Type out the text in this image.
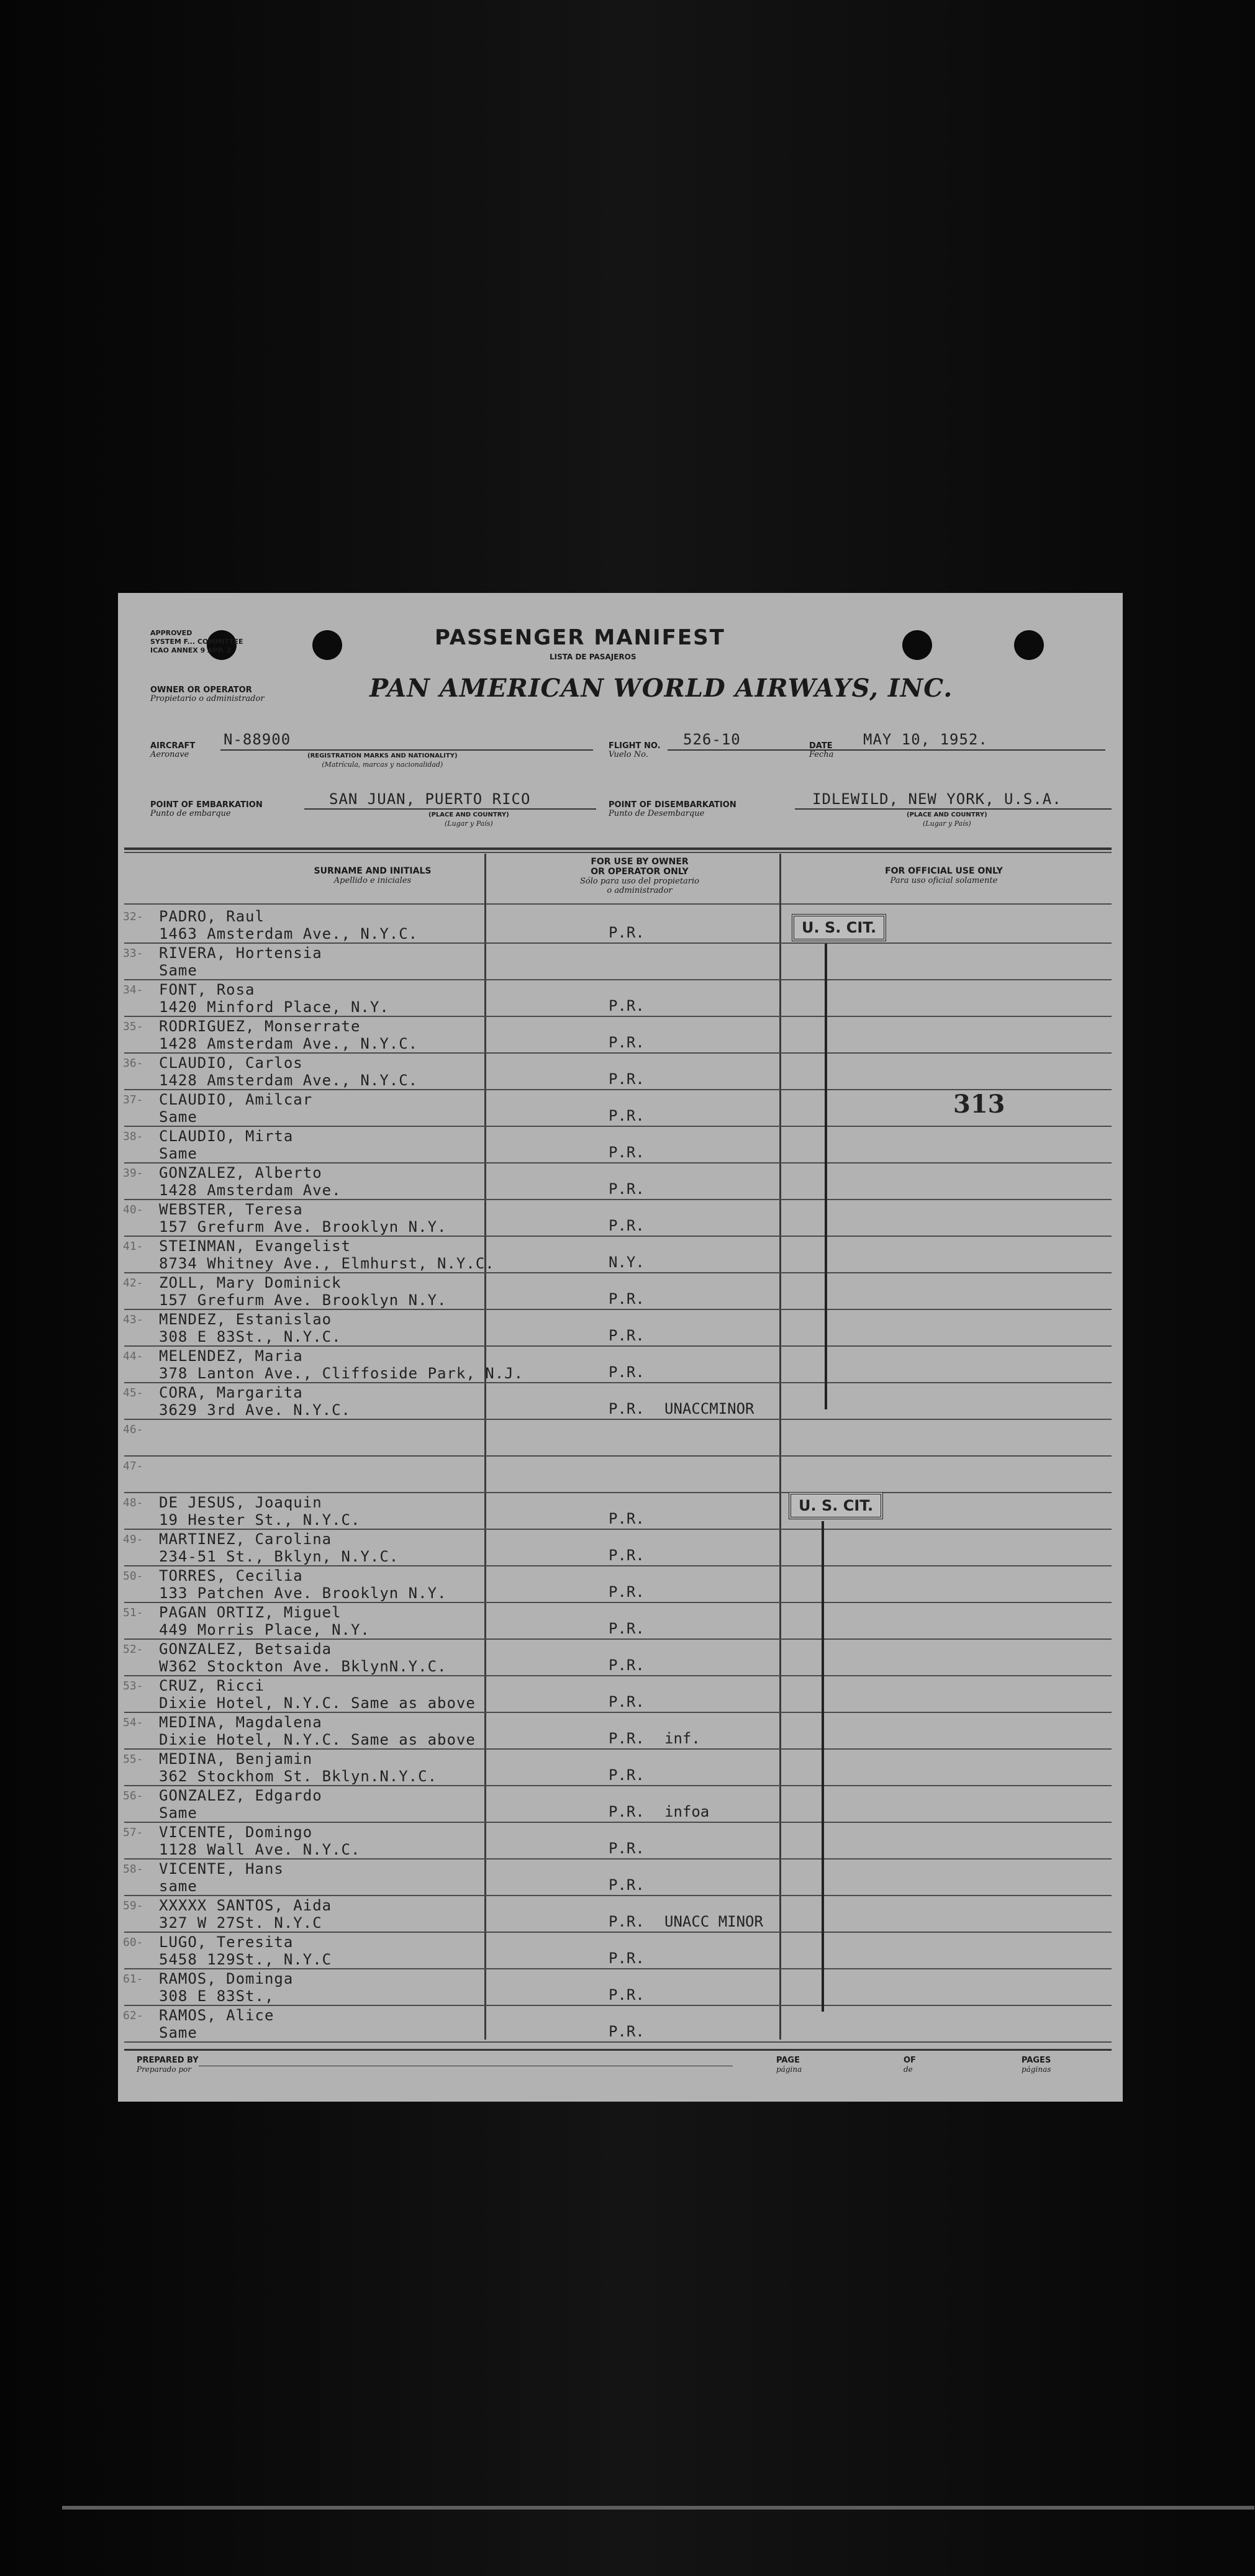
APPROVED
SYSTEM F... COMMITTEE
ICAO ANNEX 9 APP. 2
PASSENGER MANIFEST
LISTA DE PASAJEROS
OWNER OR OPERATOR
Propietario o administrador	PAN AMERICAN WORLD AIRWAYS, INC.
AIRCRAFT
Aeronave
N-88900
(REGISTRATION MARKS AND NATIONALITY)
(Matrícula, marcas y nacionalidad)
FLIGHT NO.
Vuelo No.
526-10	DATE
Fecha
MAY 10, 1952.
POINT OF EMBARKATION
Punto de embarque
SAN JUAN, PUERTO RICO
(PLACE AND COUNTRY)
(Lugar y País)
POINT OF DISEMBARKATION
Punto de Desembarque
IDLEWILD, NEW YORK, U.S.A.
(PLACE AND COUNTRY)
(Lugar y País)
SURNAME AND INITIALS
Apellido e iniciales
FOR USE BY OWNER
OR OPERATOR ONLY
Sólo para uso del propietario
o administrador
FOR OFFICIAL USE ONLY
Para uso oficial solamente
32- PADRO, Raul
1463 Amsterdam Ave., N.Y.C.	P.R.
33- RIVERA, Hortensia
Same
34- FONT, Rosa
1420 Minford Place, N.Y.	P.R.
35- RODRIGUEZ, Monserrate
1428 Amsterdam Ave., N.Y.C.	P.R.
36- CLAUDIO, Carlos
1428 Amsterdam Ave., N.Y.C.	P.R.
37- CLAUDIO, Amilcar
Same	P.R.
38- CLAUDIO, Mirta
Same	P.R.
39- GONZALEZ, Alberto
1428 Amsterdam Ave.	P.R.
40- WEBSTER, Teresa
157 Grefurm Ave. Brooklyn N.Y.	P.R.
41- STEINMAN, Evangelist
8734 Whitney Ave., Elmhurst, N.Y.C.	N.Y.
42- ZOLL, Mary Dominick
157 Grefurm Ave. Brooklyn N.Y.	P.R.
43- MENDEZ, Estanislao
308 E 83St., N.Y.C.	P.R.
44- MELENDEZ, Maria
378 Lanton Ave., Cliffoside Park, N.J.	P.R.
45- CORA, Margarita
3629 3rd Ave. N.Y.C.	P.R. UNACCMINOR
46-
47-
48- DE JESUS, Joaquin
19 Hester St., N.Y.C.	P.R.
49- MARTINEZ, Carolina
234-51 St., Bklyn, N.Y.C.	P.R.
50- TORRES, Cecilia
133 Patchen Ave. Brooklyn N.Y.	P.R.
51- PAGAN ORTIZ, Miguel
449 Morris Place, N.Y.	P.R.
52- GONZALEZ, Betsaida
W362 Stockton Ave. BklynN.Y.C.	P.R.
53- CRUZ, Ricci
Dixie Hotel, N.Y.C. Same as above	P.R.
54- MEDINA, Magdalena
Dixie Hotel, N.Y.C. Same as above	P.R. inf.
55- MEDINA, Benjamin
362 Stockhom St. Bklyn.N.Y.C.	P.R.
56- GONZALEZ, Edgardo
Same	P.R. infoa
57- VICENTE, Domingo
1128 Wall Ave. N.Y.C.	P.R.
58- VICENTE, Hans
same	P.R.
59- XXXXX SANTOS, Aida
327 W 27St. N.Y.C	P.R. UNACC MINOR
60- LUGO, Teresita
5458 129St., N.Y.C	P.R.
61- RAMOS, Dominga
308 E 83St.,	P.R.
62- RAMOS, Alice
Same	P.R.
U. S. CIT.
U. S. CIT.
313
PREPARED BY
Preparado por
PAGE
página
OF
de
PAGES
páginas
